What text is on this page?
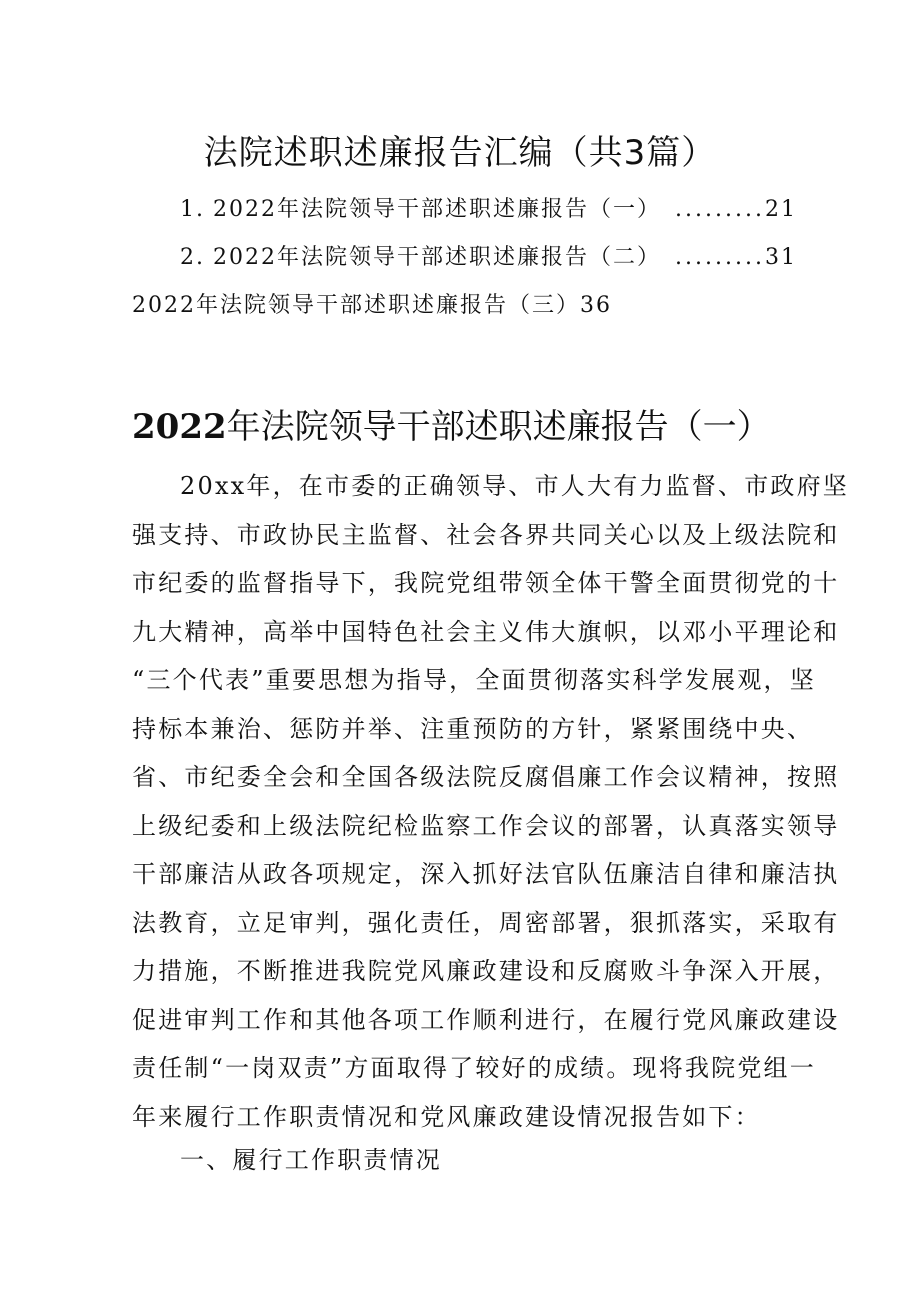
法院述职述廉报告汇编（共3篇）
1. 2022年法院领导干部述职述廉报告（一） .........21
2. 2022年法院领导干部述职述廉报告（二） .........31
2022年法院领导干部述职述廉报告（三）36
2022年法院领导干部述职述廉报告（一）
20xx年，在市委的正确领导、市人大有力监督、市政府坚
强支持、市政协民主监督、社会各界共同关心以及上级法院和
市纪委的监督指导下，我院党组带领全体干警全面贯彻党的十
九大精神，高举中国特色社会主义伟大旗帜，以邓小平理论和
“三个代表”重要思想为指导，全面贯彻落实科学发展观，坚
持标本兼治、惩防并举、注重预防的方针，紧紧围绕中央、
省、市纪委全会和全国各级法院反腐倡廉工作会议精神，按照
上级纪委和上级法院纪检监察工作会议的部署，认真落实领导
干部廉洁从政各项规定，深入抓好法官队伍廉洁自律和廉洁执
法教育，立足审判，强化责任，周密部署，狠抓落实，采取有
力措施，不断推进我院党风廉政建设和反腐败斗争深入开展，
促进审判工作和其他各项工作顺利进行，在履行党风廉政建设
责任制“一岗双责”方面取得了较好的成绩。现将我院党组一
年来履行工作职责情况和党风廉政建设情况报告如下：
一、履行工作职责情况
